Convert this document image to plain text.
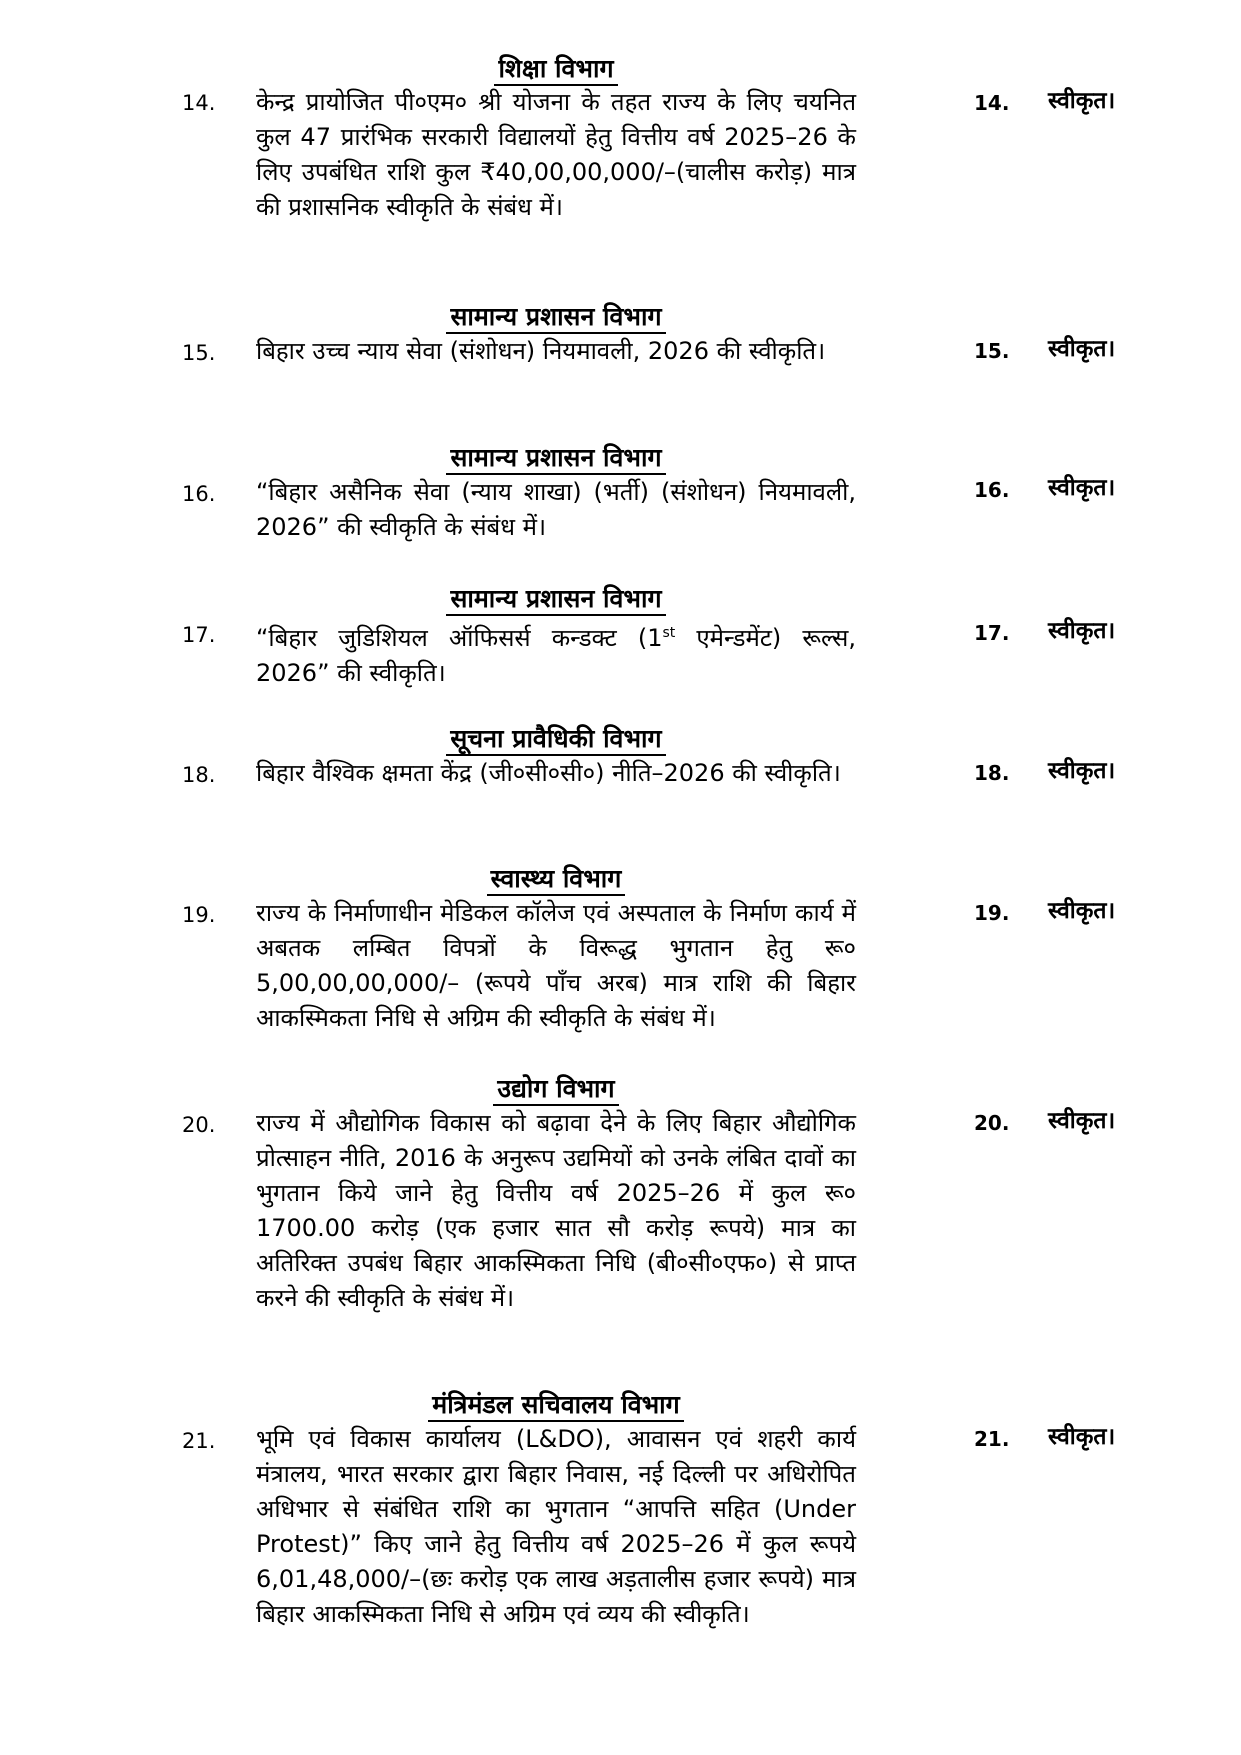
शिक्षा विभाग
14. केन्द्र प्रायोजित पी०एम० श्री योजना के तहत राज्य के लिए चयनित कुल 47 प्रारंभिक सरकारी विद्यालयों हेतु वित्तीय वर्ष 2025–26 के लिए उपबंधित राशि कुल ₹40,00,00,000/–(चालीस करोड़) मात्र की प्रशासनिक स्वीकृति के संबंध में।
14. स्वीकृत।
सामान्य प्रशासन विभाग
15. बिहार उच्च न्याय सेवा (संशोधन) नियमावली, 2026 की स्वीकृति।	15. स्वीकृत।
सामान्य प्रशासन विभाग
16. “बिहार असैनिक सेवा (न्याय शाखा) (भर्ती) (संशोधन) नियमावली, 2026” की स्वीकृति के संबंध में।
16. स्वीकृत।
सामान्य प्रशासन विभाग
17. “बिहार जुडिशियल ऑफिसर्स कन्डक्ट (1st एमेन्डमेंट) रूल्स, 2026” की स्वीकृति।
17. स्वीकृत।
सूचना प्रावैधिकी विभाग
18. बिहार वैश्विक क्षमता केंद्र (जी०सी०सी०) नीति–2026 की स्वीकृति।	18. स्वीकृत।
स्वास्थ्य विभाग
19. राज्य के निर्माणाधीन मेडिकल कॉलेज एवं अस्पताल के निर्माण कार्य में अबतक लम्बित विपत्रों के विरूद्ध भुगतान हेतु रू० 5,00,00,00,000/– (रूपये पाँच अरब) मात्र राशि की बिहार आकस्मिकता निधि से अग्रिम की स्वीकृति के संबंध में।
19. स्वीकृत।
उद्योग विभाग
20. राज्य में औद्योगिक विकास को बढ़ावा देने के लिए बिहार औद्योगिक प्रोत्साहन नीति, 2016 के अनुरूप उद्यमियों को उनके लंबित दावों का भुगतान किये जाने हेतु वित्तीय वर्ष 2025–26 में कुल रू० 1700.00 करोड़ (एक हजार सात सौ करोड़ रूपये) मात्र का अतिरिक्त उपबंध बिहार आकस्मिकता निधि (बी०सी०एफ०) से प्राप्त करने की स्वीकृति के संबंध में।
20. स्वीकृत।
मंत्रिमंडल सचिवालय विभाग
21. भूमि एवं विकास कार्यालय (L&DO), आवासन एवं शहरी कार्य मंत्रालय, भारत सरकार द्वारा बिहार निवास, नई दिल्ली पर अधिरोपित अधिभार से संबंधित राशि का भुगतान “आपत्ति सहित (Under Protest)” किए जाने हेतु वित्तीय वर्ष 2025–26 में कुल रूपये 6,01,48,000/–(छः करोड़ एक लाख अड़तालीस हजार रूपये) मात्र बिहार आकस्मिकता निधि से अग्रिम एवं व्यय की स्वीकृति।
21. स्वीकृत।
